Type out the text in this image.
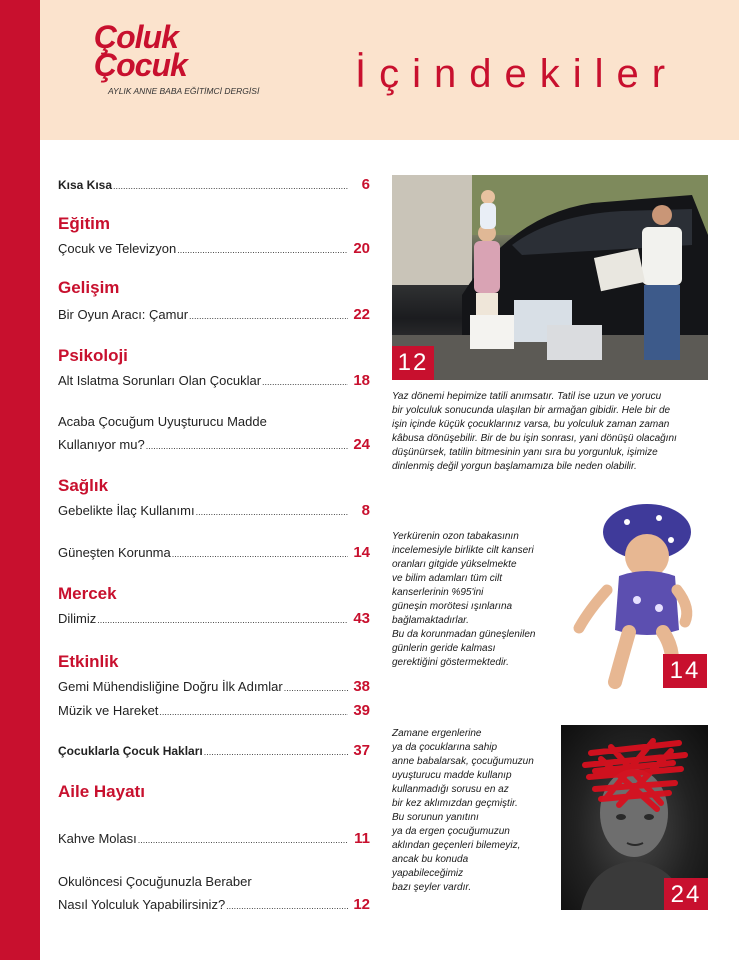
Çoluk
Çocuk
AYLIK ANNE BABA EĞİTİMCİ DERGİSİ İçindekiler
Kısa Kısa .....	6
Eğitim
Çocuk ve Televizyon .....	20
Gelişim
Bir Oyun Aracı: Çamur .....	22
Psikoloji
Alt Islatma Sorunları Olan Çocuklar .....	18
Acaba Çocuğum Uyuşturucu Madde
Kullanıyor mu? .....	24
Sağlık
Gebelikte İlaç Kullanımı .....	8
Güneşten Korunma .....	14
Mercek
Dilimiz .....	43
Etkinlik
Gemi Mühendisliğine Doğru İlk Adımlar .....	38
Müzik ve Hareket .....	39
Çocuklarla Çocuk Hakları .....	37
Aile Hayatı
Kahve Molası .....	11
Okulöncesi Çocuğunuzla Beraber
Nasıl Yolculuk Yapabilirsiniz? .....	12
12

Yaz dönemi hepimize tatili anımsatır. Tatil ise uzun ve yorucu

bir yolculuk sonucunda ulaşılan bir armağan gibidir. Hele bir de

işin içinde küçük çocuklarınız varsa, bu yolculuk zaman zaman

kâbusa dönüşebilir. Bir de bu işin sonrası, yani dönüşü olacağını

düşünürsek, tatilin bitmesinin yanı sıra bu yorgunluk, işimize

dinlenmiş değil yorgun başlamamıza bile neden olabilir.

Yerkürenin ozon tabakasının

incelemesiyle birlikte cilt kanseri

oranları gitgide yükselmekte

ve bilim adamları tüm cilt

kanserlerinin %95'ini

güneşin morötesi ışınlarına

bağlamaktadırlar.

Bu da korunmadan güneşlenilen

günlerin geride kalması

gerektiğini göstermektedir.	14

Zamane ergenlerine

ya da çocuklarına sahip

anne babalarsak, çocuğumuzun

uyuşturucu madde kullanıp

kullanmadığı sorusu en az

bir kez aklımızdan geçmiştir.

Bu sorunun yanıtını

ya da ergen çocuğumuzun

aklından geçenleri bilemeyiz,

ancak bu konuda

yapabileceğimiz

bazı şeyler vardır.	24
